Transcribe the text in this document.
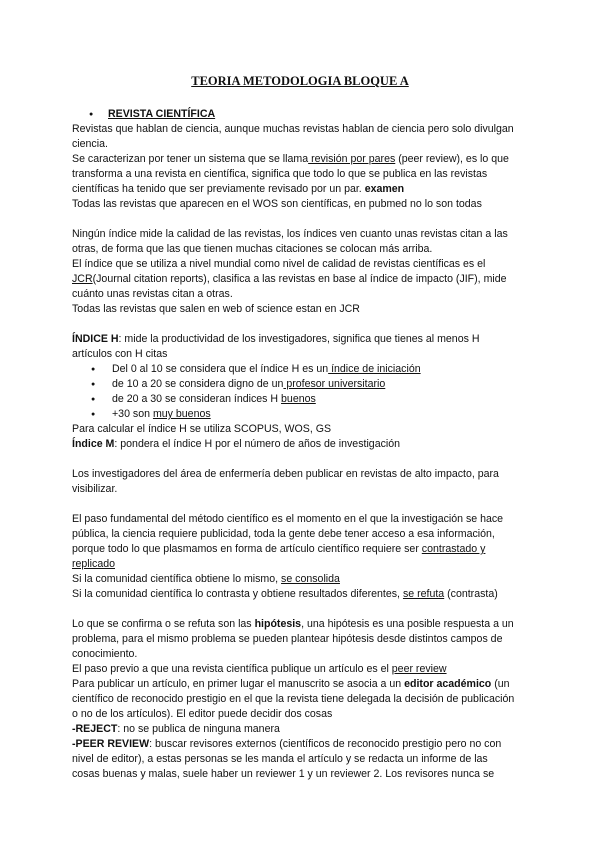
TEORIA METODOLOGIA BLOQUE A
● REVISTA CIENTÍFICA

Revistas que hablan de ciencia, aunque muchas revistas hablan de ciencia pero solo divulgan ciencia.

Se caracterizan por tener un sistema que se llama revisión por pares (peer review), es lo que transforma a una revista en científica, significa que todo lo que se publica en las revistas científicas ha tenido que ser previamente revisado por un par. examen

Todas las revistas que aparecen en el WOS son científicas, en pubmed no lo son todas

Ningún índice mide la calidad de las revistas, los índices ven cuanto unas revistas citan a las otras, de forma que las que tienen muchas citaciones se colocan más arriba.

El índice que se utiliza a nivel mundial como nivel de calidad de revistas científicas es el JCR(Journal citation reports), clasifica a las revistas en base al índice de impacto (JIF), mide cuánto unas revistas citan a otras.

Todas las revistas que salen en web of science estan en JCR

ÍNDICE H: mide la productividad de los investigadores, significa que tienes al menos H artículos con H citas

● Del 0 al 10 se considera que el índice H es un índice de iniciación
● de 10 a 20 se considera digno de un profesor universitario
● de 20 a 30 se consideran índices H buenos
● +30 son muy buenos

Para calcular el índice H se utiliza SCOPUS, WOS, GS

Índice M: pondera el índice H por el número de años de investigación

Los investigadores del área de enfermería deben publicar en revistas de alto impacto, para visibilizar.

El paso fundamental del método científico es el momento en el que la investigación se hace pública, la ciencia requiere publicidad, toda la gente debe tener acceso a esa información, porque todo lo que plasmamos en forma de artículo científico requiere ser contrastado y replicado

Si la comunidad científica obtiene lo mismo, se consolida

Si la comunidad científica lo contrasta y obtiene resultados diferentes, se refuta (contrasta)

Lo que se confirma o se refuta son las hipótesis, una hipótesis es una posible respuesta a un problema, para el mismo problema se pueden plantear hipótesis desde distintos campos de conocimiento.

El paso previo a que una revista científica publique un artículo es el peer review

Para publicar un artículo, en primer lugar el manuscrito se asocia a un editor académico (un científico de reconocido prestigio en el que la revista tiene delegada la decisión de publicación o no de los artículos). El editor puede decidir dos cosas

-REJECT: no se publica de ninguna manera

-PEER REVIEW: buscar revisores externos (científicos de reconocido prestigio pero no con nivel de editor), a estas personas se les manda el artículo y se redacta un informe de las cosas buenas y malas, suele haber un reviewer 1 y un reviewer 2. Los revisores nunca se
